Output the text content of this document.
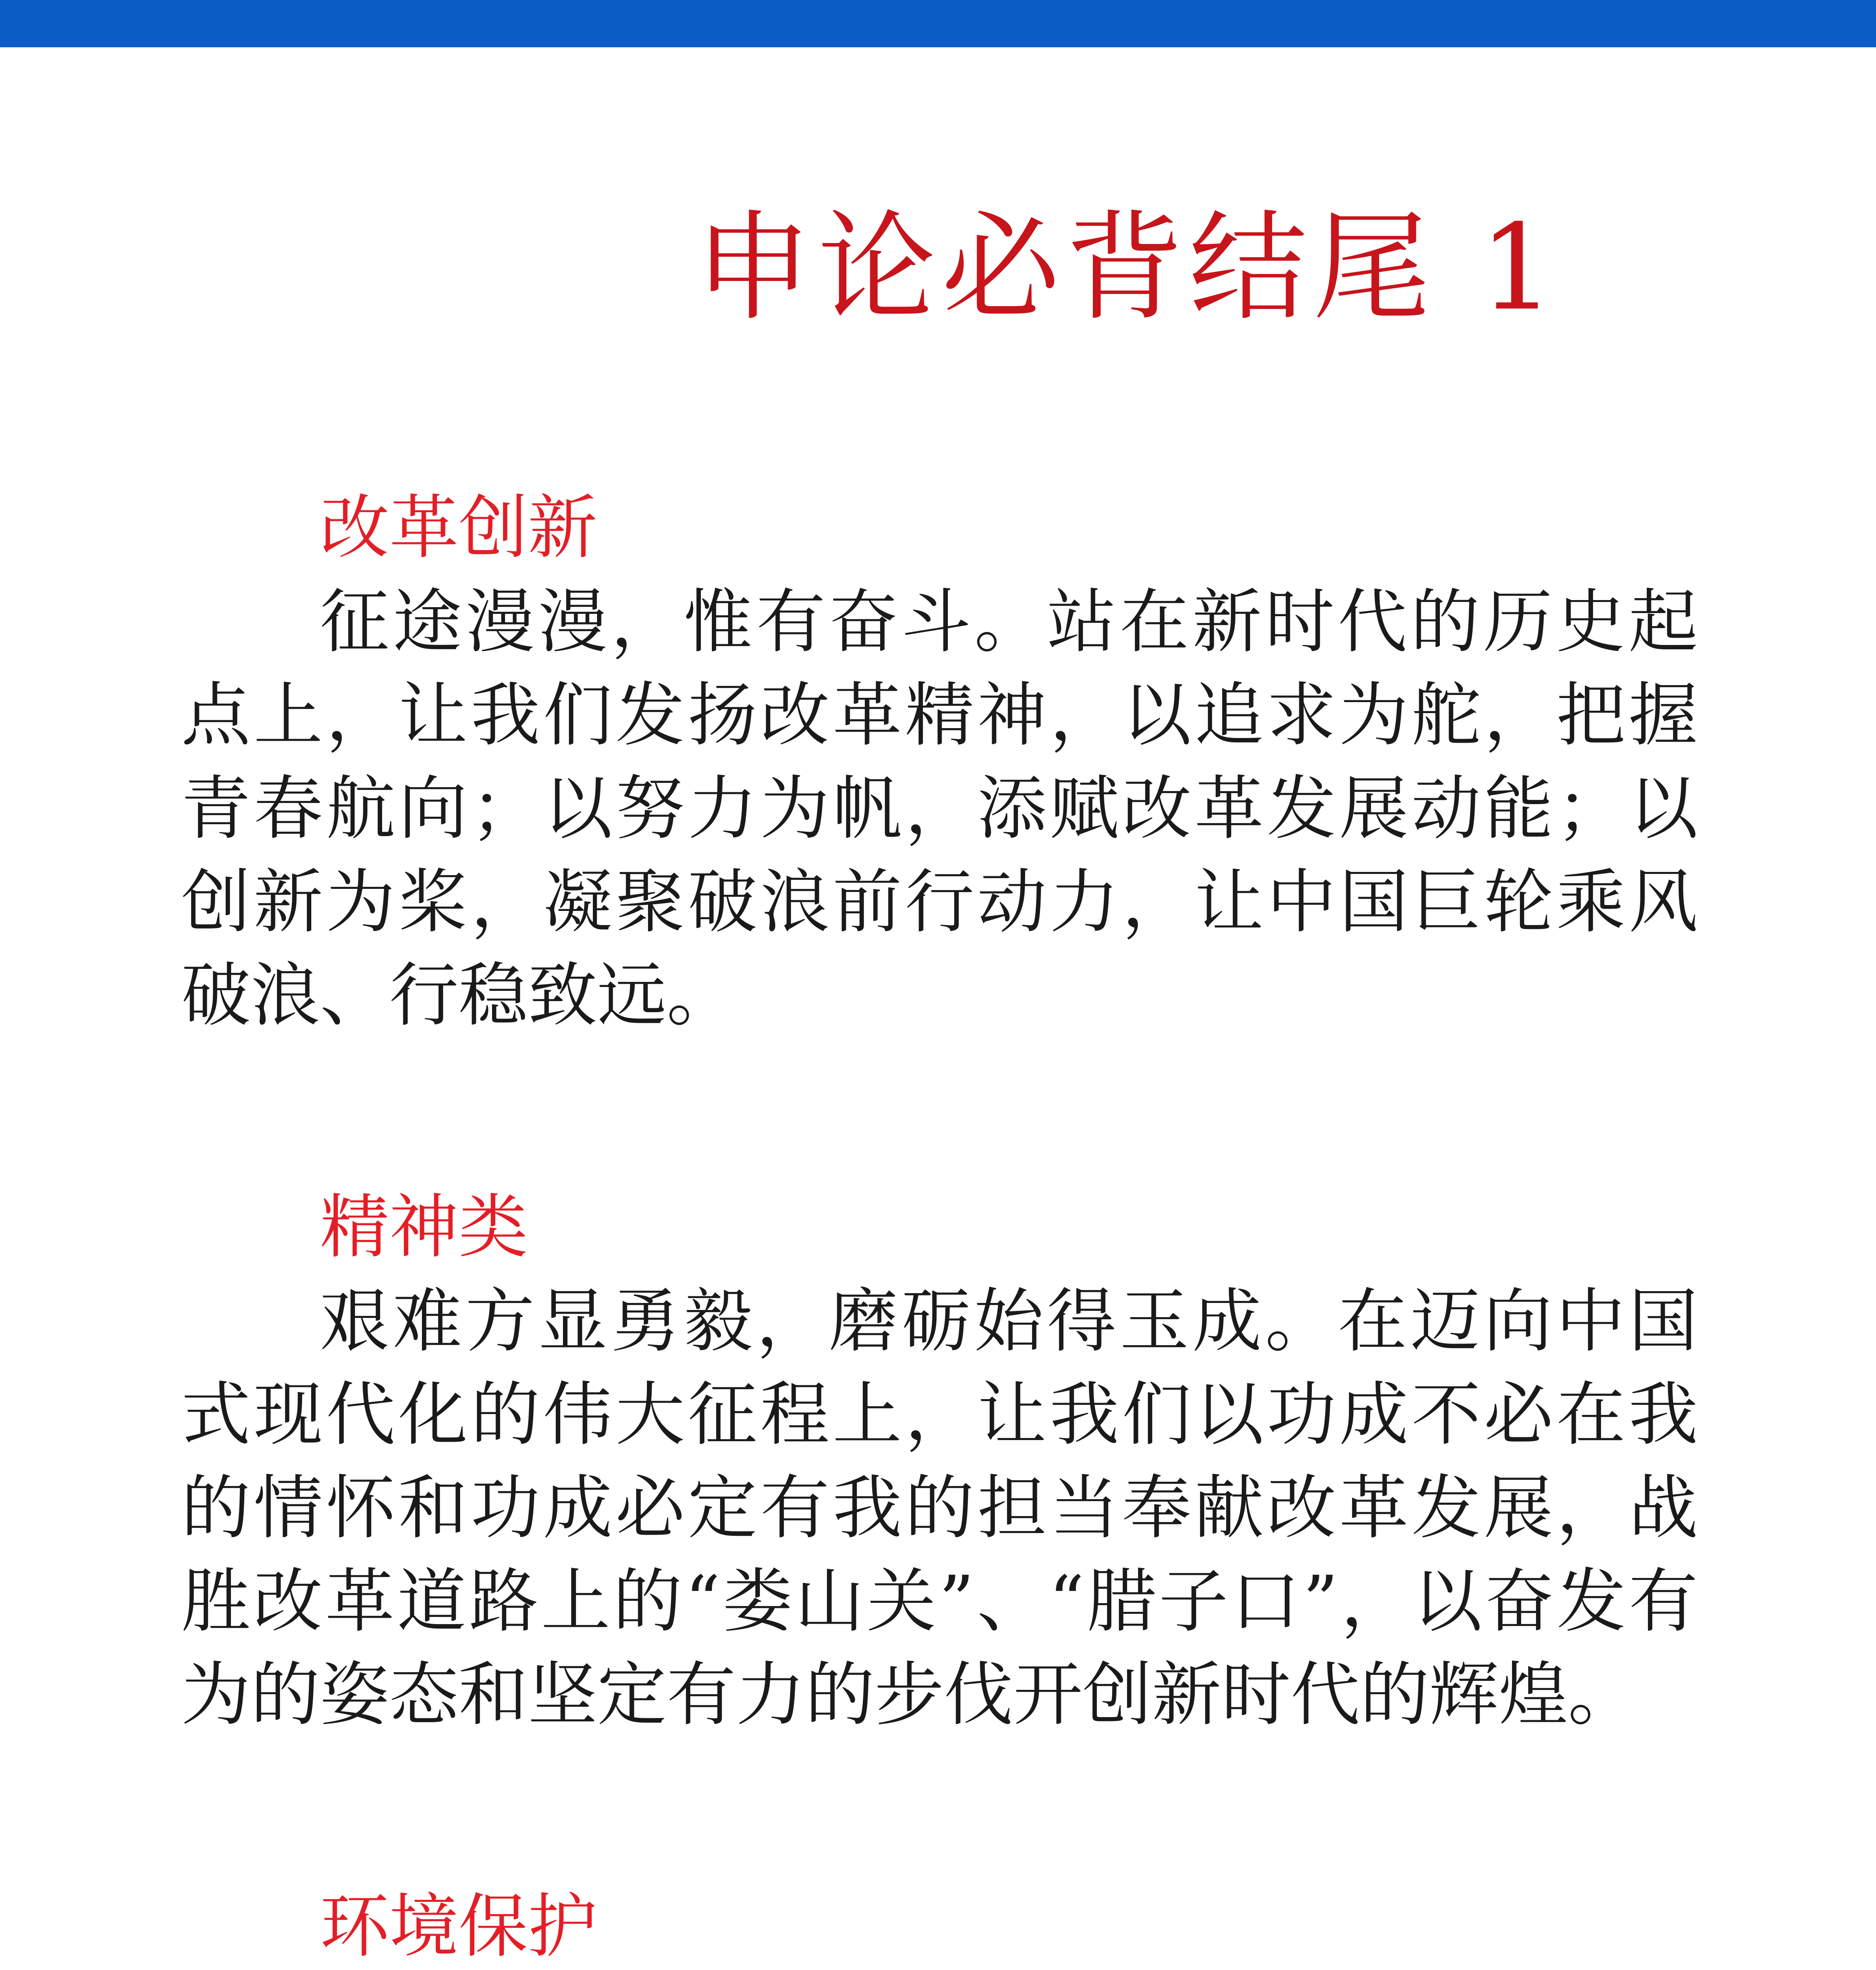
申论必背结尾 1
改革创新

征途漫漫，惟有奋斗。站在新时代的历史起点上，让我们发扬改革精神，以追求为舵，把握青春航向；以努力为帆，添赋改革发展动能；以创新为桨，凝聚破浪前行动力，让中国巨轮乘风破浪、行稳致远。

精神类

艰难方显勇毅，磨砺始得玉成。在迈向中国式现代化的伟大征程上，让我们以功成不必在我的情怀和功成必定有我的担当奉献改革发展，战胜改革道路上的“娄山关”、“腊子口”，以奋发有为的姿态和坚定有力的步伐开创新时代的辉煌。

环境保护
